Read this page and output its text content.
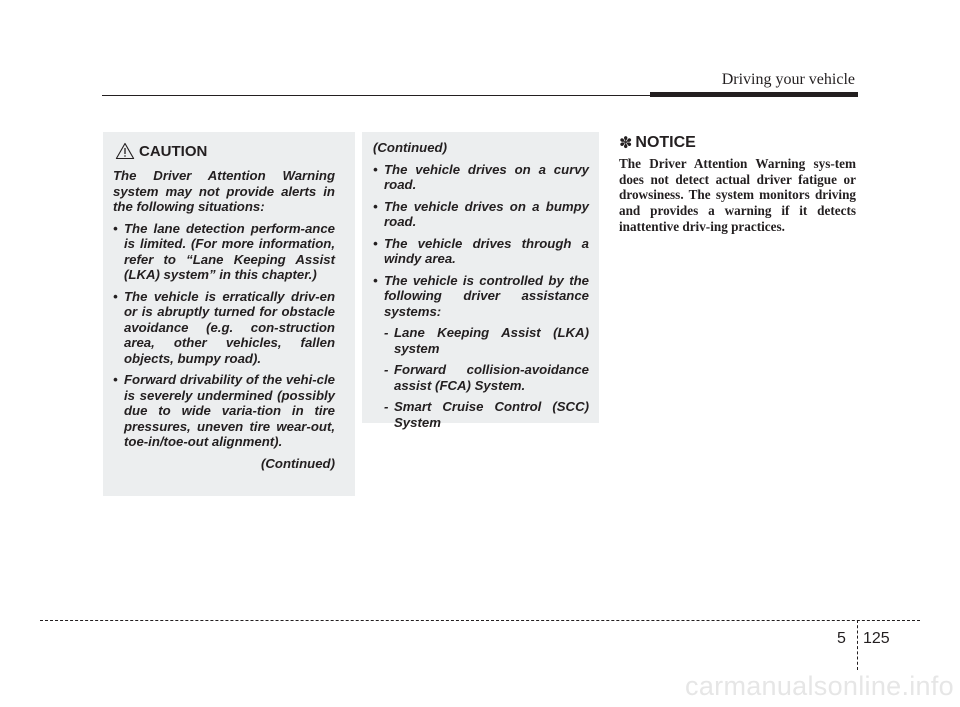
Driving your vehicle
CAUTION
The Driver Attention Warning system may not provide alerts in the following situations:
• The lane detection perform-ance is limited. (For more information, refer to “Lane Keeping Assist (LKA) system” in this chapter.)
• The vehicle is erratically driv-en or is abruptly turned for obstacle avoidance (e.g. con-struction area, other vehicles, fallen objects, bumpy road).
• Forward drivability of the vehi-cle is severely undermined (possibly due to wide varia-tion in tire pressures, uneven tire wear-out, toe-in/toe-out alignment).
(Continued)
(Continued)
• The vehicle drives on a curvy road.
• The vehicle drives on a bumpy road.
• The vehicle drives through a windy area.
• The vehicle is controlled by the following driver assistance systems:
- Lane Keeping Assist (LKA) system
- Forward collision-avoidance assist (FCA) System.
- Smart Cruise Control (SCC) System
✽ NOTICE
The Driver Attention Warning sys-tem does not detect actual driver fatigue or drowsiness. The system monitors driving and provides a warning if it detects inattentive driv-ing practices.
5 125
carmanualsonline.info
